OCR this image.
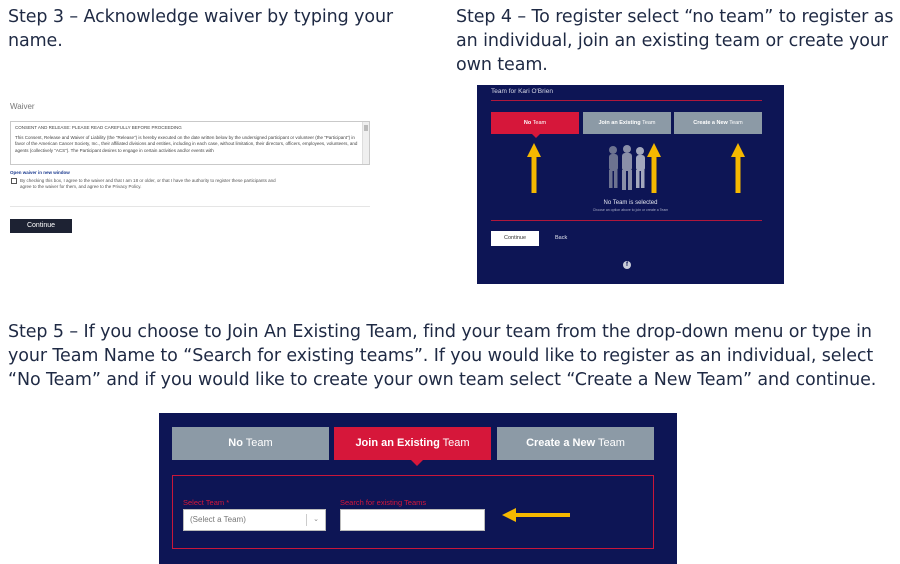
Step 3 – Acknowledge waiver by typing your name.
Step 4 – To register select “no team” to register as an individual, join an existing team or create your own team.
Step 5 – If you choose to Join An Existing Team, find your team from the drop-down menu or type in your Team Name to “Search for existing teams”. If you would like to register as an individual, select “No Team” and if you would like to create your own team select “Create a New Team” and continue.
Waiver

CONSENT AND RELEASE: PLEASE READ CAREFULLY BEFORE PROCEEDING

This Consent, Release and Waiver of Liability (the "Release") is hereby executed on the date written below by the undersigned participant or volunteer (the "Participant") in favor of the American Cancer Society, Inc., their affiliated divisions and entities, including in each case, without limitation, their directors, officers, employees, volunteers, and agents (collectively "ACS"). The Participant desires to engage in certain activities and/or events with

Open waiver in new window
By checking this box, I agree to the waiver and that I am 18 or older, or that I have the authority to register these participants and agree to the waiver for them, and agree to the Privacy Policy.
Continue
Team for Kari O'Brien
No Team	Join an Existing Team	Create a New Team
No Team is selected
Choose an option above to join or create a Team
Continue	Back
f
No Team	Join an Existing Team	Create a New Team
Select Team *
(Select a Team)	⌄
Search for existing Teams
